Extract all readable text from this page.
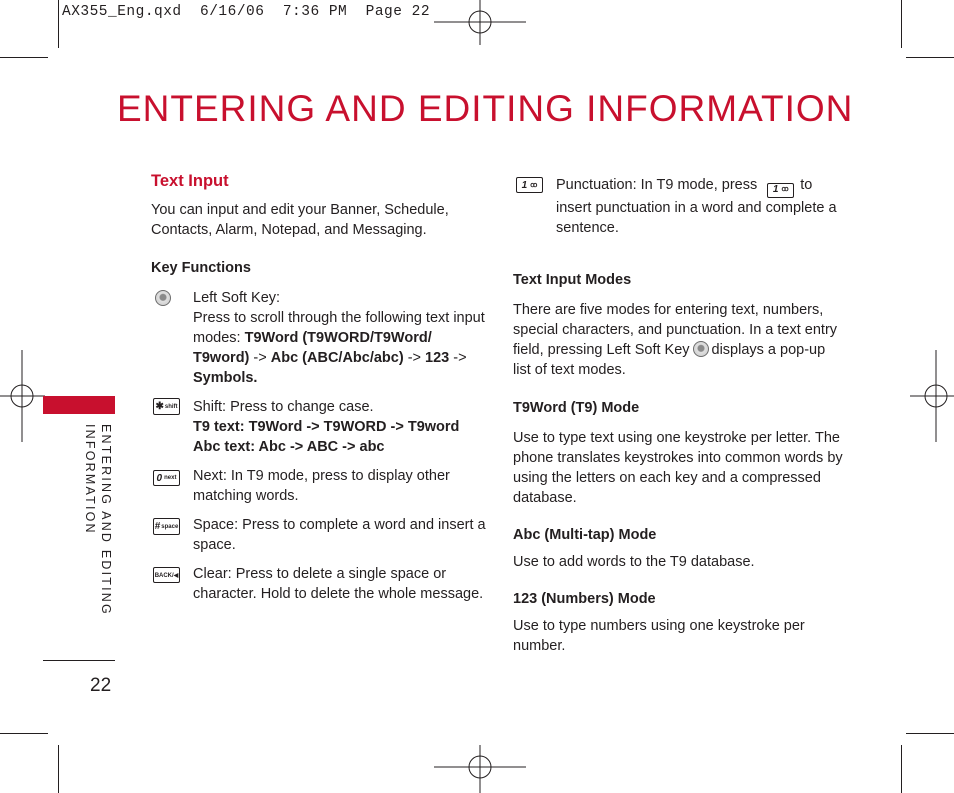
AX355_Eng.qxd  6/16/06  7:36 PM  Page 22
ENTERING AND EDITING INFORMATION
ENTERING AND EDITING
INFORMATION
22
Text Input
You can input and edit your Banner, Schedule,
Contacts, Alarm, Notepad, and Messaging.
Key Functions
Left Soft Key:
Press to scroll through the following text input
modes: T9Word (T9WORD/T9Word/
T9word) -> Abc (ABC/Abc/abc) -> 123 ->
Symbols.
✱ shift Shift: Press to change case.
T9 text: T9Word -> T9WORD -> T9word
Abc text: Abc -> ABC -> abc
0 next Next: In T9 mode, press to display other
matching words.
# space Space: Press to complete a word and insert a
space.
BACK/◀ Clear: Press to delete a single space or
character. Hold to delete the whole message.
1 ꝏ Punctuation: In T9 mode, press 1 ꝏ to
insert punctuation in a word and complete a
sentence.
Text Input Modes
There are five modes for entering text, numbers,
special characters, and punctuation. In a text entry
field, pressing Left Soft Key displays a pop-up
list of text modes.
T9Word (T9) Mode
Use to type text using one keystroke per letter. The
phone translates keystrokes into common words by
using the letters on each key and a compressed
database.
Abc (Multi-tap) Mode
Use to add words to the T9 database.
123 (Numbers) Mode
Use to type numbers using one keystroke per number.
